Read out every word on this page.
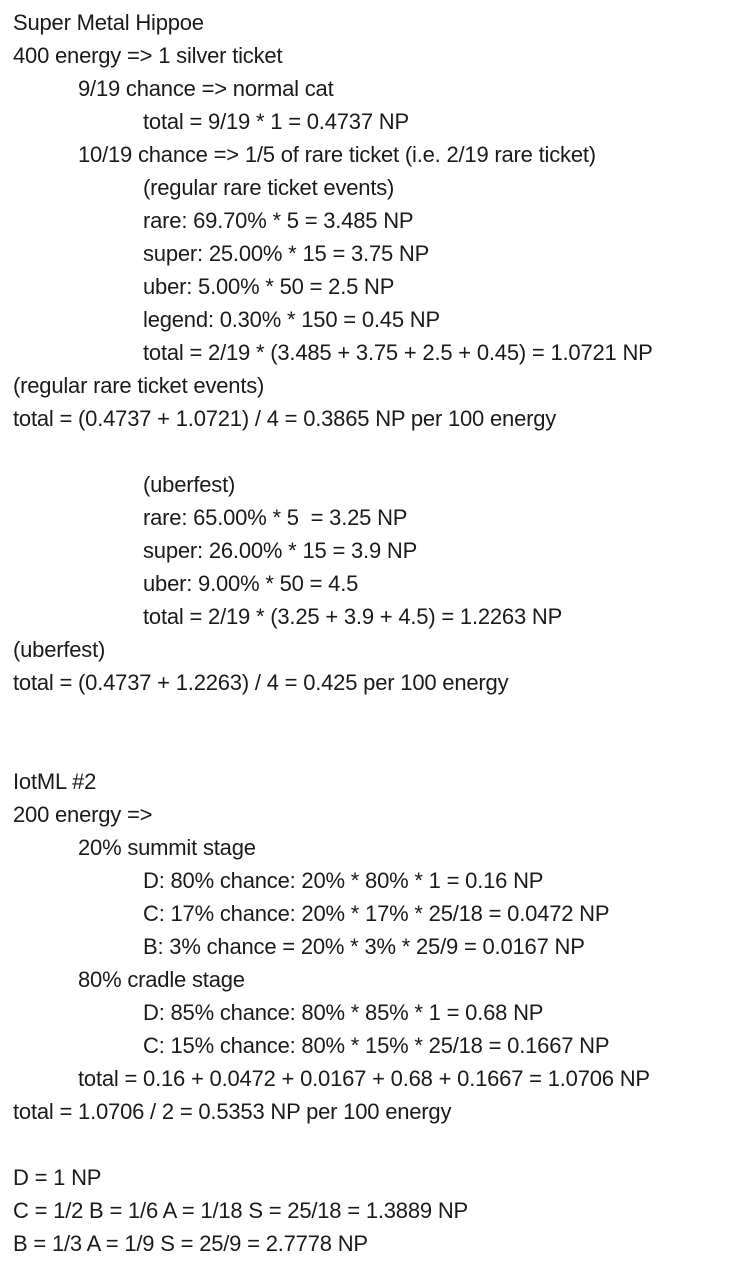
Super Metal Hippoe
400 energy => 1 silver ticket
9/19 chance => normal cat
total = 9/19 * 1 = 0.4737 NP
10/19 chance => 1/5 of rare ticket (i.e. 2/19 rare ticket)
(regular rare ticket events)
rare: 69.70% * 5 = 3.485 NP
super: 25.00% * 15 = 3.75 NP
uber: 5.00% * 50 = 2.5 NP
legend: 0.30% * 150 = 0.45 NP
total = 2/19 * (3.485 + 3.75 + 2.5 + 0.45) = 1.0721 NP
(regular rare ticket events)
total = (0.4737 + 1.0721) / 4 = 0.3865 NP per 100 energy
(uberfest)
rare: 65.00% * 5  = 3.25 NP
super: 26.00% * 15 = 3.9 NP
uber: 9.00% * 50 = 4.5
total = 2/19 * (3.25 + 3.9 + 4.5) = 1.2263 NP
(uberfest)
total = (0.4737 + 1.2263) / 4 = 0.425 per 100 energy
IotML #2
200 energy =>
20% summit stage
D: 80% chance: 20% * 80% * 1 = 0.16 NP
C: 17% chance: 20% * 17% * 25/18 = 0.0472 NP
B: 3% chance = 20% * 3% * 25/9 = 0.0167 NP
80% cradle stage
D: 85% chance: 80% * 85% * 1 = 0.68 NP
C: 15% chance: 80% * 15% * 25/18 = 0.1667 NP
total = 0.16 + 0.0472 + 0.0167 + 0.68 + 0.1667 = 1.0706 NP
total = 1.0706 / 2 = 0.5353 NP per 100 energy
D = 1 NP
C = 1/2 B = 1/6 A = 1/18 S = 25/18 = 1.3889 NP
B = 1/3 A = 1/9 S = 25/9 = 2.7778 NP
